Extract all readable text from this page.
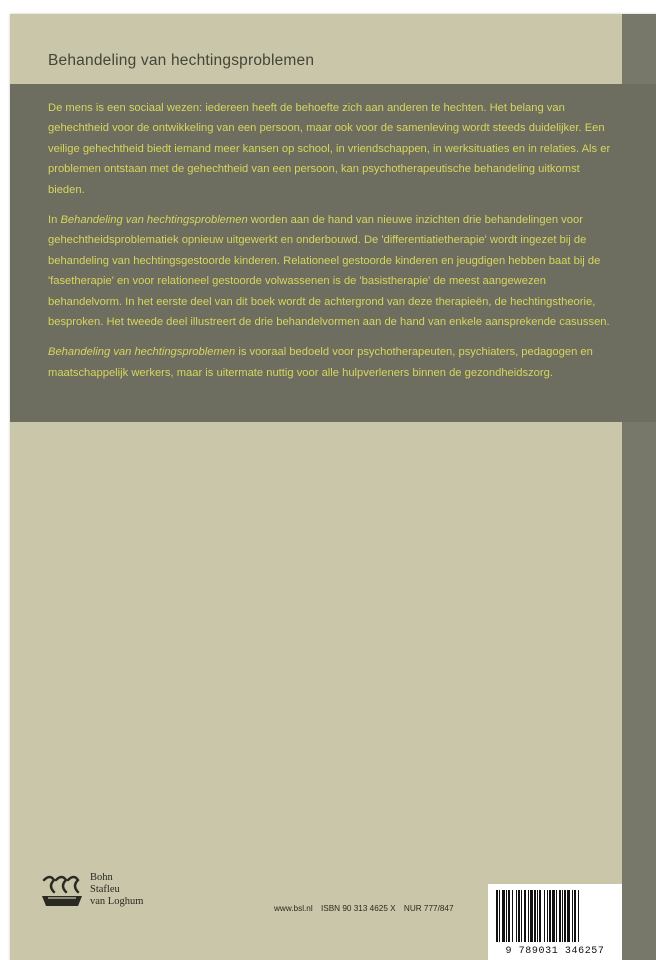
Behandeling van hechtingsproblemen

De mens is een sociaal wezen: iedereen heeft de behoefte zich aan anderen te hechten. Het belang van gehechtheid voor de ontwikkeling van een persoon, maar ook voor de samenleving wordt steeds duidelijker. Een veilige gehechtheid biedt iemand meer kansen op school, in vriendschappen, in werksituaties en in relaties. Als er problemen ontstaan met de gehechtheid van een persoon, kan psychotherapeutische behandeling uitkomst bieden.

In Behandeling van hechtingsproblemen worden aan de hand van nieuwe inzichten drie behandelingen voor gehechtheidsproblematiek opnieuw uitgewerkt en onderbouwd. De 'differentiatietherapie' wordt ingezet bij de behandeling van hechtingsgestoorde kinderen. Relationeel gestoorde kinderen en jeugdigen hebben baat bij de 'fasetherapie' en voor relationeel gestoorde volwassenen is de 'basistherapie' de meest aangewezen behandelvorm. In het eerste deel van dit boek wordt de achtergrond van deze therapieën, de hechtingstheorie, besproken. Het tweede deel illustreert de drie behandelvormen aan de hand van enkele aansprekende casussen.

Behandeling van hechtingsproblemen is vooraal bedoeld voor psychotherapeuten, psychiaters, pedagogen en maatschappelijk werkers, maar is uitermate nuttig voor alle hulpverleners binnen de gezondheidszorg.

Bohn
Stafleu
van Loghum
www.bsl.nl ISBN 90 313 4625 X NUR 777/847
9 789031 346257
